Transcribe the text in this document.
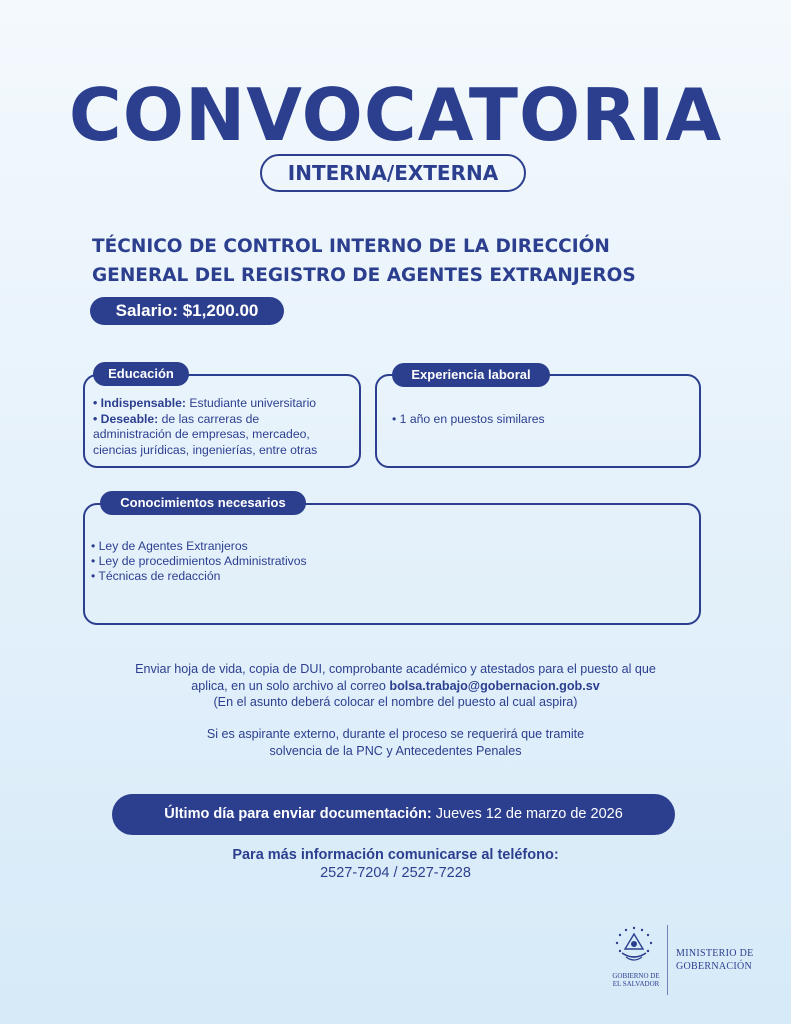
CONVOCATORIA
INTERNA/EXTERNA
TÉCNICO DE CONTROL INTERNO DE LA DIRECCIÓN
GENERAL DEL REGISTRO DE AGENTES EXTRANJEROS
Salario: $1,200.00
Educación
• Indispensable: Estudiante universitario
• Deseable: de las carreras de
administración de empresas, mercadeo,
ciencias jurídicas, ingenierías, entre otras
Experiencia laboral
• 1 año en puestos similares
Conocimientos necesarios
• Ley de Agentes Extranjeros
• Ley de procedimientos Administrativos
• Técnicas de redacción
Enviar hoja de vida, copia de DUI, comprobante académico y atestados para el puesto al que
aplica, en un solo archivo al correo bolsa.trabajo@gobernacion.gob.sv
(En el asunto deberá colocar el nombre del puesto al cual aspira)
Si es aspirante externo, durante el proceso se requerirá que tramite
solvencia de la PNC y Antecedentes Penales
Último día para enviar documentación: Jueves 12 de marzo de 2026
Para más información comunicarse al teléfono:
2527-7204 / 2527-7228
GOBIERNO DE
EL SALVADOR
MINISTERIO DE
GOBERNACIÓN
